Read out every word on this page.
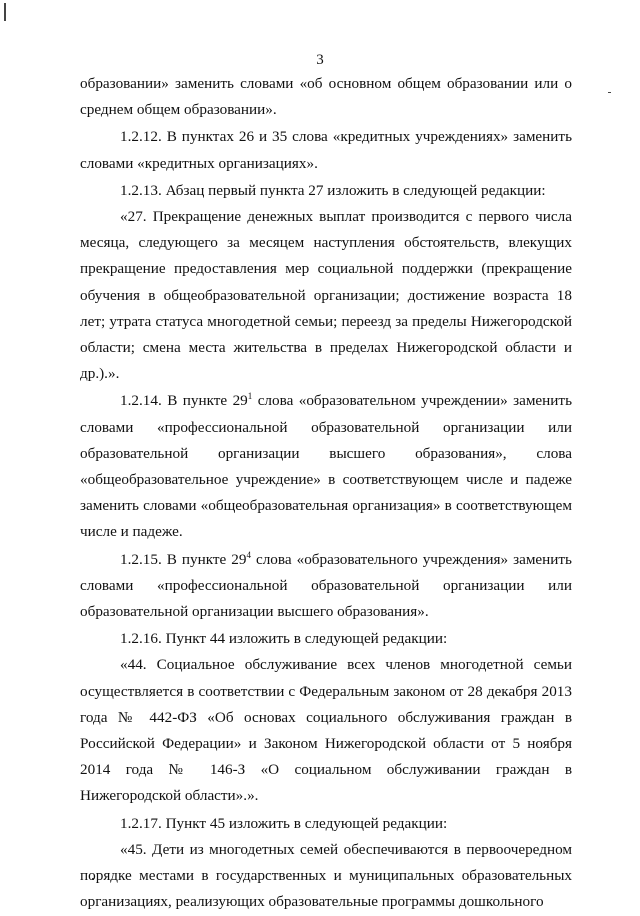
3

образовании» заменить словами «об основном общем образовании или о среднем общем образовании».

1.2.12. В пунктах 26 и 35 слова «кредитных учреждениях» заменить словами «кредитных организациях».

1.2.13. Абзац первый пункта 27 изложить в следующей редакции:

«27. Прекращение денежных выплат производится с первого числа месяца, следующего за месяцем наступления обстоятельств, влекущих прекращение предоставления мер социальной поддержки (прекращение обучения в общеобразовательной организации; достижение возраста 18 лет; утрата статуса многодетной семьи; переезд за пределы Нижегородской области; смена места жительства в пределах Нижегородской области и др.).».

1.2.14. В пункте $29^1$ слова «образовательном учреждении» заменить словами «профессиональной образовательной организации или образовательной организации высшего образования», слова «общеобразовательное учреждение» в соответствующем числе и падеже заменить словами «общеобразовательная организация» в соответствующем числе и падеже.

1.2.15. В пункте $29^4$ слова «образовательного учреждения» заменить словами «профессиональной образовательной организации или образовательной организации высшего образования».

1.2.16. Пункт 44 изложить в следующей редакции:

«44. Социальное обслуживание всех членов многодетной семьи осуществляется в соответствии с Федеральным законом от 28 декабря 2013 года № 442-ФЗ «Об основах социального обслуживания граждан в Российской Федерации» и Законом Нижегородской области от 5 ноября 2014 года № 146-З «О социальном обслуживании граждан в Нижегородской области».».

1.2.17. Пункт 45 изложить в следующей редакции:

«45. Дети из многодетных семей обеспечиваются в первоочередном порядке местами в государственных и муниципальных образовательных организациях, реализующих образовательные программы дошкольного
